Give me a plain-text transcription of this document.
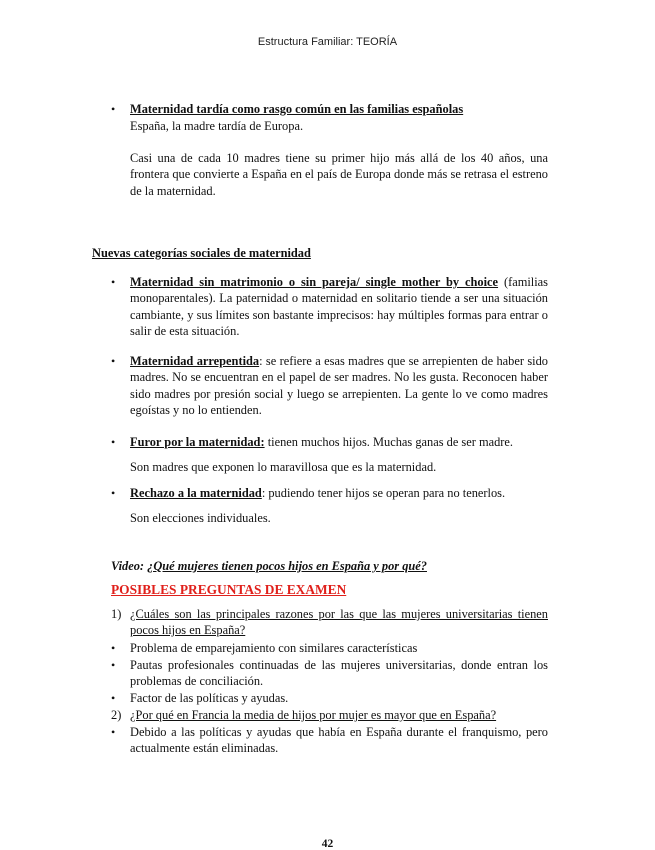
Estructura Familiar: TEORÍA
• Maternidad tardía como rasgo común en las familias españolas
España, la madre tardía de Europa.
Casi una de cada 10 madres tiene su primer hijo más allá de los 40 años, una frontera que convierte a España en el país de Europa donde más se retrasa el estreno de la maternidad.
Nuevas categorías sociales de maternidad
• Maternidad sin matrimonio o sin pareja/ single mother by choice (familias monoparentales). La paternidad o maternidad en solitario tiende a ser una situación cambiante, y sus límites son bastante imprecisos: hay múltiples formas para entrar o salir de esta situación.
• Maternidad arrepentida: se refiere a esas madres que se arrepienten de haber sido madres. No se encuentran en el papel de ser madres. No les gusta. Reconocen haber sido madres por presión social y luego se arrepienten. La gente lo ve como madres egoístas y no lo entienden.
• Furor por la maternidad: tienen muchos hijos. Muchas ganas de ser madre.
Son madres que exponen lo maravillosa que es la maternidad.
• Rechazo a la maternidad: pudiendo tener hijos se operan para no tenerlos.
Son elecciones individuales.
Video: ¿Qué mujeres tienen pocos hijos en España y por qué?
POSIBLES PREGUNTAS DE EXAMEN
1) ¿Cuáles son las principales razones por las que las mujeres universitarias tienen pocos hijos en España?
• Problema de emparejamiento con similares características
• Pautas profesionales continuadas de las mujeres universitarias, donde entran los problemas de conciliación.
• Factor de las políticas y ayudas.
2) ¿Por qué en Francia la media de hijos por mujer es mayor que en España?
• Debido a las políticas y ayudas que había en España durante el franquismo, pero actualmente están eliminadas.
42
